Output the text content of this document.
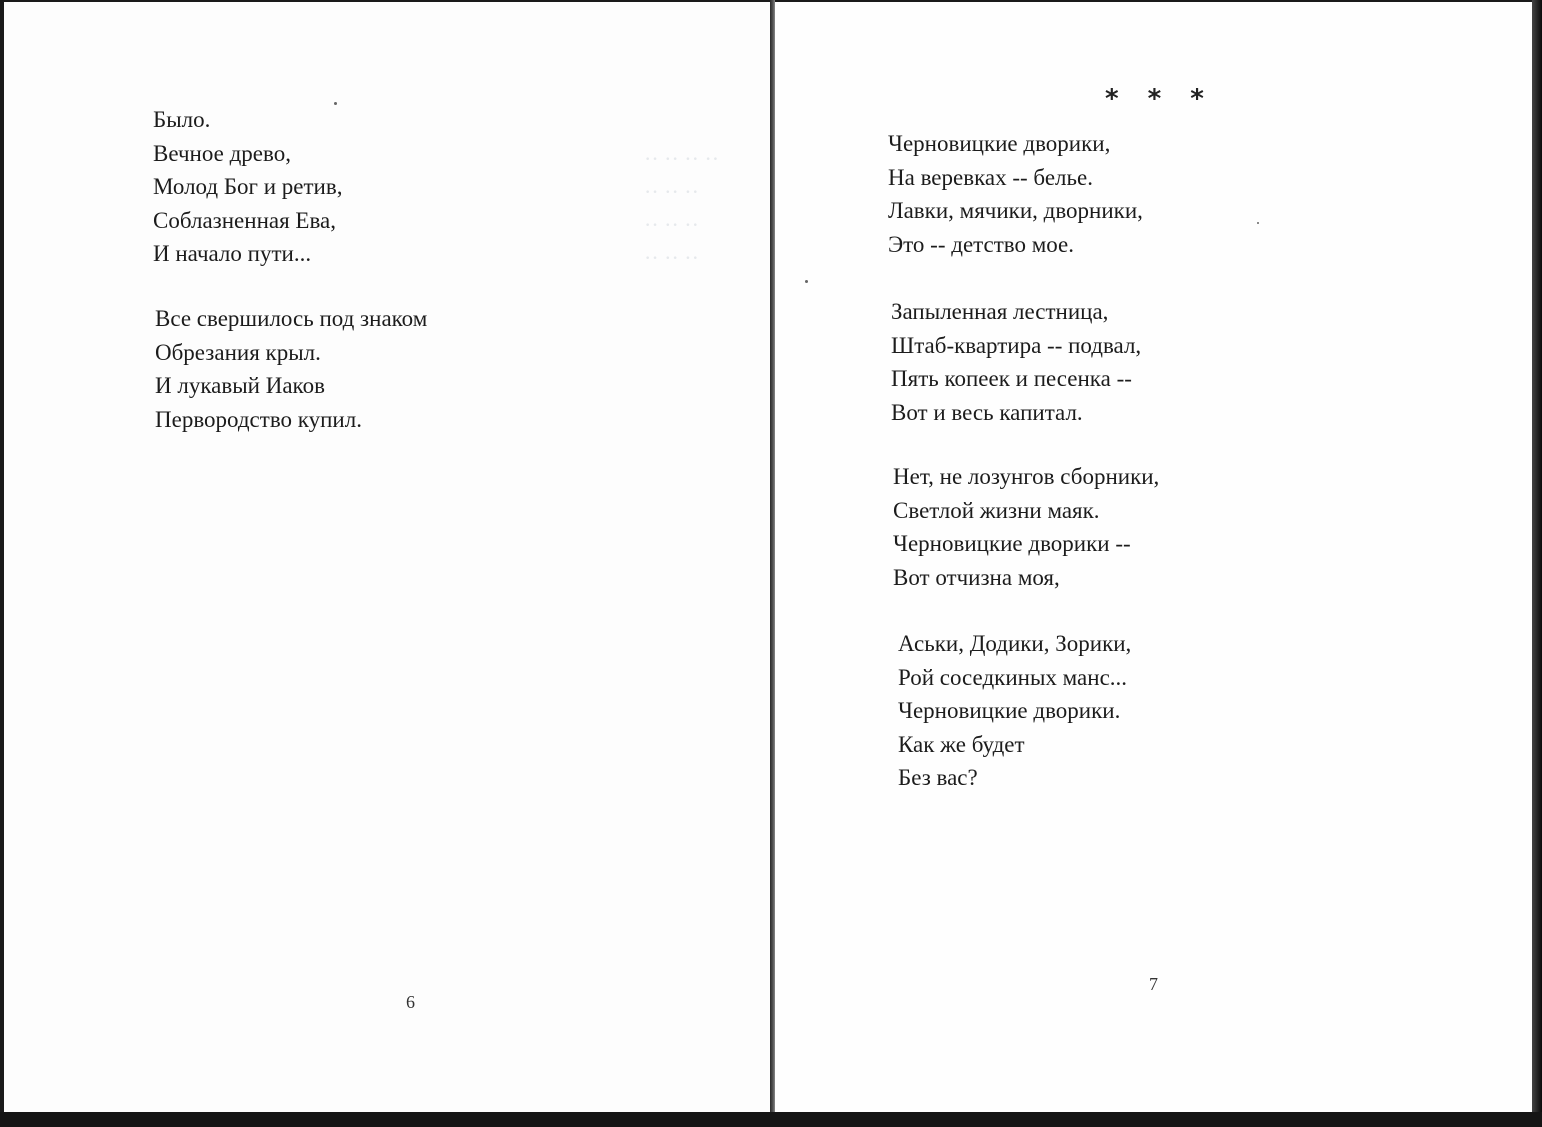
·· ·· ·· ··
·· ·· ··
·· ·· ··
·· ·· ··
Было.
Вечное древо,
Молод Бог и ретив,
Соблазненная Ева,
И начало пути...
Все свершилось под знаком
Обрезания крыл.
И лукавый Иаков
Первородство купил.
6
* * *
Черновицкие дворики,
На веревках -- белье.
Лавки, мячики, дворники,
Это -- детство мое.
Запыленная лестница,
Штаб-квартира -- подвал,
Пять копеек и песенка --
Вот и весь капитал.
Нет, не лозунгов сборники,
Светлой жизни маяк.
Черновицкие дворики --
Вот отчизна моя,
Аськи, Додики, Зорики,
Рой соседкиных манс...
Черновицкие дворики.
Как же будет
Без вас?
7
